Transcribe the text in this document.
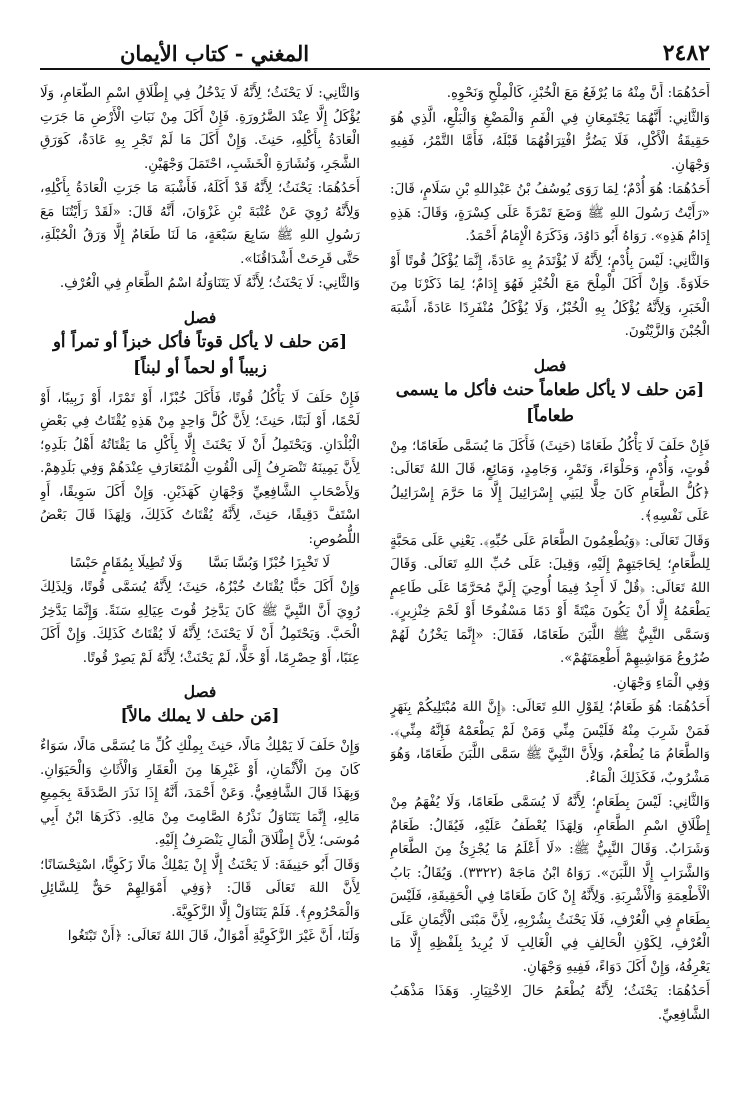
٢٤٨٢
المغني - كتاب الأيمان

أَحَدُهُمَا: أَنَّ مِنْهُ مَا يُرْفَعُ مَعَ الْخُبْزِ، كَالْمِلْحِ وَنَحْوِهِ.

وَالثَّانِي: أَنَّهُمَا يَجْتَمِعَانِ فِي الْفَمِ وَالْمَضْغِ وَالْبَلْعِ، الَّذِي هُوَ حَقِيقَةُ الْأَكْلِ، فَلَا يَضُرُّ افْتِرَاقُهُمَا قَبْلَهُ، فَأَمَّا التَّمْرُ، فَفِيهِ وَجْهَانِ.

أَحَدُهُمَا: هُوَ أُدْمٌ؛ لِمَا رَوَى يُوسُفُ بْنُ عَبْدِاللهِ بْنِ سَلَامٍ، قَالَ: «رَأَيْتُ رَسُولَ اللهِ ﷺ وَضَعَ تَمْرَةً عَلَى كِسْرَةٍ، وَقَالَ: هَذِهِ إِدَامُ هَذِهِ». رَوَاهُ أَبُو دَاوُدَ، وَذَكَرَهُ الْإِمَامُ أَحْمَدُ.

وَالثَّانِي: لَيْسَ بِأُدْمٍ؛ لِأَنَّهُ لَا يُؤْتَدَمُ بِهِ عَادَةً، إِنَّمَا يُؤْكَلُ قُوتًا أَوْ حَلَاوَةً. وَإِنْ أَكَلَ الْمِلْحَ مَعَ الْخُبْزِ فَهُوَ إِدَامٌ؛ لِمَا ذَكَرْنَا مِنَ الْخَبَرِ، وَلِأَنَّهُ يُؤْكَلُ بِهِ الْخُبْزُ، وَلَا يُؤْكَلُ مُنْفَرِدًا عَادَةً، أَشْبَهَ الْجُبْنَ وَالزَّيْتُونَ.

فصل
[مَن حلف لا يأكل طعاماً حنث فأكل ما يسمى طعاماً]

فَإِنْ حَلَفَ لَا يَأْكُلُ طَعَامًا (حَنِثَ) فَأَكَلَ مَا يُسَمَّى طَعَامًا؛ مِنْ قُوتٍ، وَأُدْمٍ، وَحَلْوَاءَ، وَتَمْرٍ، وَجَامِدٍ، وَمَائِعٍ، قَالَ اللهُ تَعَالَى: ﴿كُلُّ الطَّعَامِ كَانَ حِلًّا لِبَنِي إِسْرَائِيلَ إِلَّا مَا حَرَّمَ إِسْرَائِيلُ عَلَى نَفْسِهِ﴾.

وَقَالَ تَعَالَى: ﴿وَيُطْعِمُونَ الطَّعَامَ عَلَى حُبِّهِ﴾. يَعْنِي عَلَى مَحَبَّةٍ لِلطَّعَامِ؛ لِحَاجَتِهِمْ إِلَيْهِ، وَقِيلَ: عَلَى حُبِّ اللهِ تَعَالَى. وَقَالَ اللهُ تَعَالَى: ﴿قُلْ لَا أَجِدُ فِيمَا أُوحِيَ إِلَيَّ مُحَرَّمًا عَلَى طَاعِمٍ يَطْعَمُهُ إِلَّا أَنْ يَكُونَ مَيْتَةً أَوْ دَمًا مَسْفُوحًا أَوْ لَحْمَ خِنْزِيرٍ﴾. وَسَمَّى النَّبِيُّ ﷺ اللَّبَنَ طَعَامًا، فَقَالَ: «إِنَّمَا يَخْزُنُ لَهُمْ ضُرُوعُ مَوَاشِيهِمْ أَطْعِمَتَهُمْ».

وَفِي الْمَاءِ وَجْهَانِ.

أَحَدُهُمَا: هُوَ طَعَامٌ؛ لِقَوْلِ اللهِ تَعَالَى: ﴿إِنَّ اللهَ مُبْتَلِيكُمْ بِنَهَرٍ فَمَنْ شَرِبَ مِنْهُ فَلَيْسَ مِنِّي وَمَنْ لَمْ يَطْعَمْهُ فَإِنَّهُ مِنِّي﴾. وَالطَّعَامُ مَا يُطْعَمُ، وَلِأَنَّ النَّبِيَّ ﷺ سَمَّى اللَّبَنَ طَعَامًا، وَهُوَ مَشْرُوبٌ، فَكَذَلِكَ الْمَاءُ.

وَالثَّانِي: لَيْسَ بِطَعَامٍ؛ لِأَنَّهُ لَا يُسَمَّى طَعَامًا، وَلَا يُفْهَمُ مِنْ إِطْلَاقِ اسْمِ الطَّعَامِ، وَلِهَذَا يُعْطَفُ عَلَيْهِ، فَيُقَالُ: طَعَامٌ وَشَرَابٌ. وَقَالَ النَّبِيُّ ﷺ: «لَا أَعْلَمُ مَا يُجْزِئُ مِنَ الطَّعَامِ وَالشَّرَابِ إِلَّا اللَّبَنَ». رَوَاهُ ابْنُ مَاجَهْ (٣٣٢٢). وَيُقَالُ: بَابُ الْأَطْعِمَةِ وَالْأَشْرِبَةِ. وَلِأَنَّهُ إِنْ كَانَ طَعَامًا فِي الْحَقِيقَةِ، فَلَيْسَ بِطَعَامٍ فِي الْعُرْفِ، فَلَا يَحْنَثُ بِشُرْبِهِ، لِأَنَّ مَبْنَى الْأَيْمَانِ عَلَى الْعُرْفِ، لِكَوْنِ الْحَالِفِ فِي الْغَالِبِ لَا يُرِيدُ بِلَفْظِهِ إِلَّا مَا يَعْرِفُهُ، وَإِنْ أَكَلَ دَوَاءً، فَفِيهِ وَجْهَانِ.

أَحَدُهُمَا: يَحْنَثُ؛ لِأَنَّهُ يُطْعَمُ حَالَ الِاخْتِيَارِ. وَهَذَا مَذْهَبُ الشَّافِعِيِّ.

وَالثَّانِي: لَا يَحْنَثُ؛ لِأَنَّهُ لَا يَدْخُلُ فِي إِطْلَاقِ اسْمِ الطَّعَامِ، وَلَا يُؤْكَلُ إِلَّا عِنْدَ الضَّرُورَةِ. فَإِنْ أَكَلَ مِنْ نَبَاتِ الْأَرْضِ مَا جَرَتِ الْعَادَةُ بِأَكْلِهِ، حَنِثَ. وَإِنْ أَكَلَ مَا لَمْ تَجْرِ بِهِ عَادَةٌ، كَوَرَقِ الشَّجَرِ، وَنُشَارَةِ الْخَشَبِ، احْتَمَلَ وَجْهَيْنِ.

أَحَدُهُمَا: يَحْنَثُ؛ لِأَنَّهُ قَدْ أَكَلَهُ، فَأَشْبَهَ مَا جَرَتِ الْعَادَةُ بِأَكْلِهِ، وَلِأَنَّهُ رُوِيَ عَنْ عُتْبَةَ بْنِ غَزْوَانَ، أَنَّهُ قَالَ: «لَقَدْ رَأَيْتُنَا مَعَ رَسُولِ اللهِ ﷺ سَابِعَ سَبْعَةٍ، مَا لَنَا طَعَامٌ إِلَّا وَرَقُ الْحُبْلَةِ، حَتَّى قَرِحَتْ أَشْدَاقُنَا».

وَالثَّانِي: لَا يَحْنَثُ؛ لِأَنَّهُ لَا يَتَنَاوَلُهُ اسْمُ الطَّعَامِ فِي الْعُرْفِ.

فصل
[مَن حلف لا يأكل قوتاً فأكل خبزاً أو تمراً أو زبيباً أو لحماً أو لبناً]

فَإِنْ حَلَفَ لَا يَأْكُلُ قُوتًا، فَأَكَلَ خُبْزًا، أَوْ تَمْرًا، أَوْ زَبِيبًا، أَوْ لَحْمًا، أَوْ لَبَنًا، حَنِثَ؛ لِأَنَّ كُلَّ وَاحِدٍ مِنْ هَذِهِ يُقْتَاتُ فِي بَعْضِ الْبُلْدَانِ. وَيَحْتَمِلُ أَنْ لَا يَحْنَثَ إِلَّا بِأَكْلِ مَا يَقْتَاتُهُ أَهْلُ بَلَدِهِ؛ لِأَنَّ يَمِينَهُ تَنْصَرِفُ إِلَى الْقُوتِ الْمُتَعَارَفِ عِنْدَهُمْ وَفِي بَلَدِهِمْ. وَلِأَصْحَابِ الشَّافِعِيِّ وَجْهَانِ كَهَذَيْنِ. وَإِنْ أَكَلَ سَوِيقًا، أَوِ اسْتَفَّ دَقِيقًا، حَنِثَ، لِأَنَّهُ يُقْتَاتُ كَذَلِكَ، وَلِهَذَا قَالَ بَعْضُ اللُّصُوصِ:

لَا تَخْبِزَا خُبْزًا وَبُسَّا بَسَّا
وَلَا تُطِيلَا بِمُقَامٍ حَبْسًا

وَإِنْ أَكَلَ حَبًّا يُقْتَاتُ خُبْزُهُ، حَنِثَ؛ لِأَنَّهُ يُسَمَّى قُوتًا، وَلِذَلِكَ رُوِيَ أَنَّ النَّبِيَّ ﷺ كَانَ يَدَّخِرُ قُوتَ عِيَالِهِ سَنَةً. وَإِنَّمَا يَدَّخِرُ الْحَبَّ. وَيَحْتَمِلُ أَنْ لَا يَحْنَثَ؛ لِأَنَّهُ لَا يُقْتَاتُ كَذَلِكَ. وَإِنْ أَكَلَ عِنَبًا، أَوْ حِصْرِمًا، أَوْ خَلًّا، لَمْ يَحْنَثْ؛ لِأَنَّهُ لَمْ يَصِرْ قُوتًا.

فصل
[مَن حلف لا يملك مالاً]

وَإِنْ حَلَفَ لَا يَمْلِكُ مَالًا، حَنِثَ بِمِلْكِ كُلِّ مَا يُسَمَّى مَالًا، سَوَاءٌ كَانَ مِنَ الْأَثْمَانِ، أَوْ غَيْرِهَا مِنَ الْعَقَارِ وَالْأَثَاثِ وَالْحَيَوَانِ. وَبِهَذَا قَالَ الشَّافِعِيُّ. وَعَنْ أَحْمَدَ، أَنَّهُ إِذَا نَذَرَ الصَّدَقَةَ بِجَمِيعِ مَالِهِ، إِنَّمَا يَتَنَاوَلُ نَذْرُهُ الصَّامِتَ مِنْ مَالِهِ. ذَكَرَهَا ابْنُ أَبِي مُوسَى؛ لِأَنَّ إِطْلَاقَ الْمَالِ يَنْصَرِفُ إِلَيْهِ.

وَقَالَ أَبُو حَنِيفَةَ: لَا يَحْنَثُ إِلَّا إِنْ يَمْلِكْ مَالًا زَكَوِيًّا، اسْتِحْسَانًا؛ لِأَنَّ اللهَ تَعَالَى قَالَ: ﴿وَفِي أَمْوَالِهِمْ حَقٌّ لِلسَّائِلِ وَالْمَحْرُومِ﴾. فَلَمْ يَتَنَاوَلْ إِلَّا الزَّكَوِيَّةَ.

وَلَنَا، أَنَّ غَيْرَ الزَّكَوِيَّةِ أَمْوَالٌ، قَالَ اللهُ تَعَالَى: ﴿أَنْ تَبْتَغُوا
